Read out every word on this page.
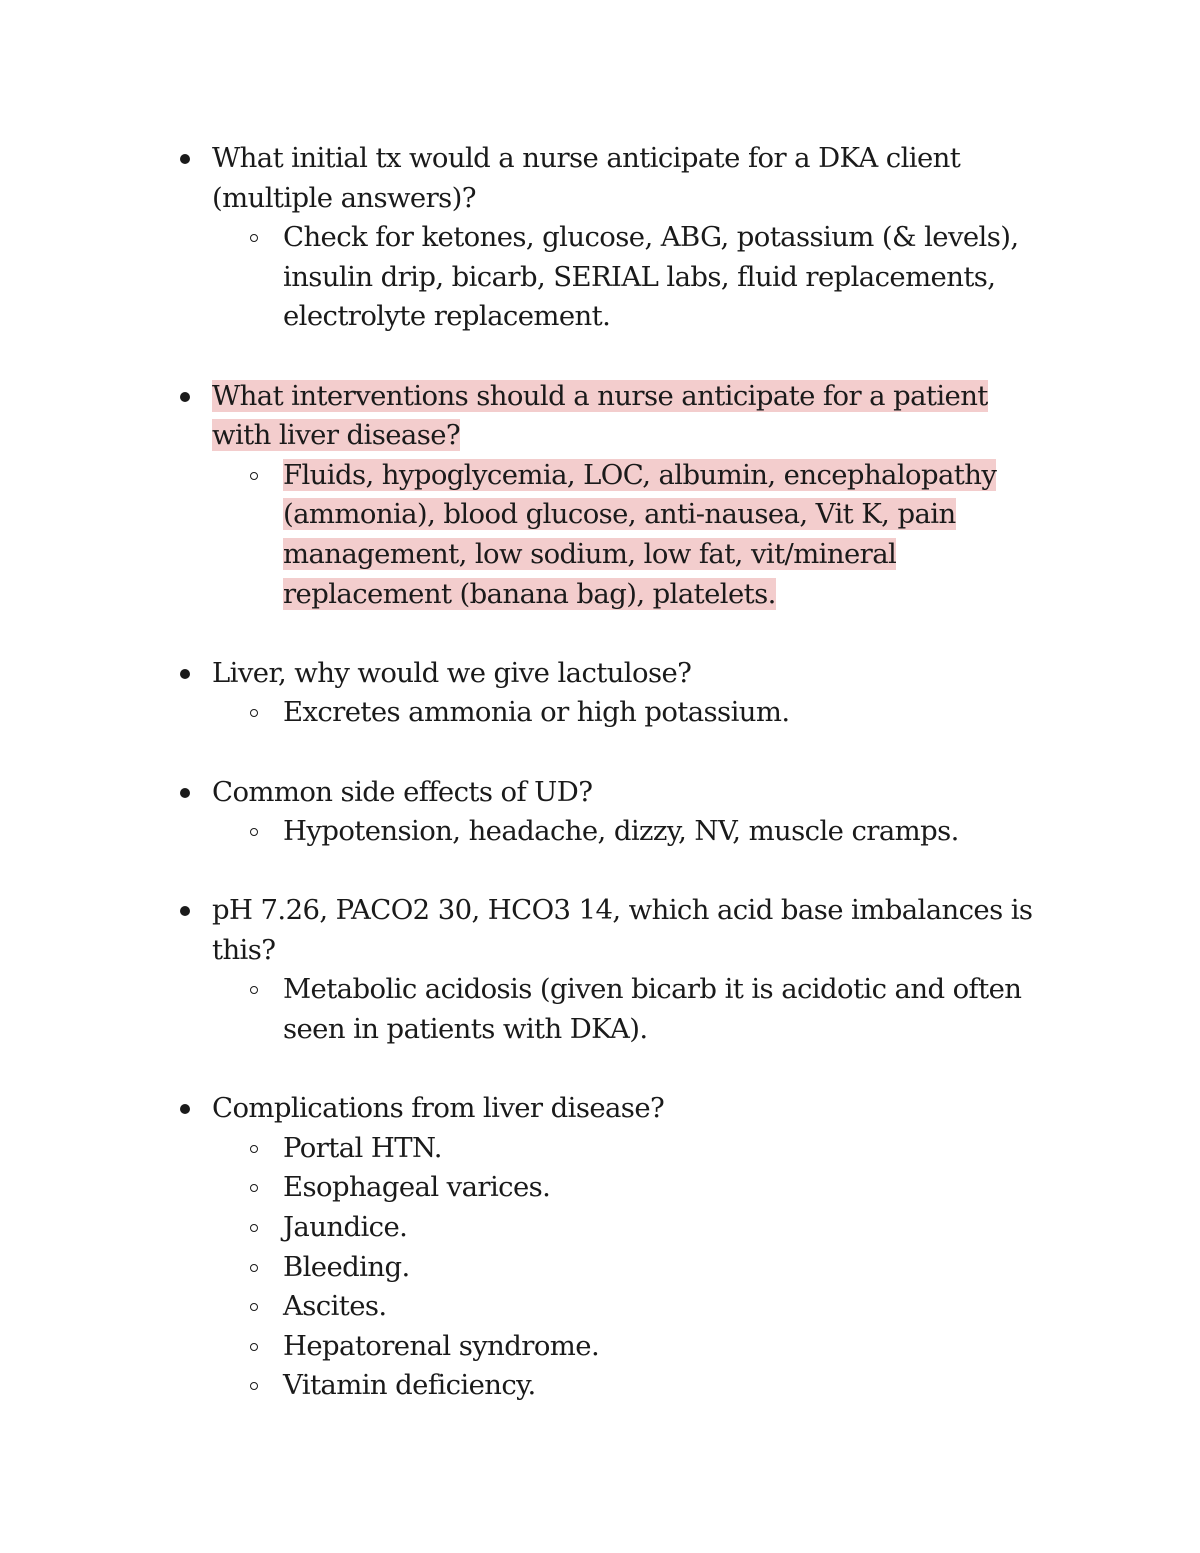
What initial tx would a nurse anticipate for a DKA client (multiple answers)?
Check for ketones, glucose, ABG, potassium (& levels), insulin drip, bicarb, SERIAL labs, fluid replacements, electrolyte replacement.
What interventions should a nurse anticipate for a patient with liver disease?
Fluids, hypoglycemia, LOC, albumin, encephalopathy (ammonia), blood glucose, anti-nausea, Vit K, pain management, low sodium, low fat, vit/mineral replacement (banana bag), platelets.
Liver, why would we give lactulose?
Excretes ammonia or high potassium.
Common side effects of UD?
Hypotension, headache, dizzy, NV, muscle cramps.
pH 7.26, PACO2 30, HCO3 14, which acid base imbalances is this?
Metabolic acidosis (given bicarb it is acidotic and often seen in patients with DKA).
Complications from liver disease?
Portal HTN.
Esophageal varices.
Jaundice.
Bleeding.
Ascites.
Hepatorenal syndrome.
Vitamin deficiency.
